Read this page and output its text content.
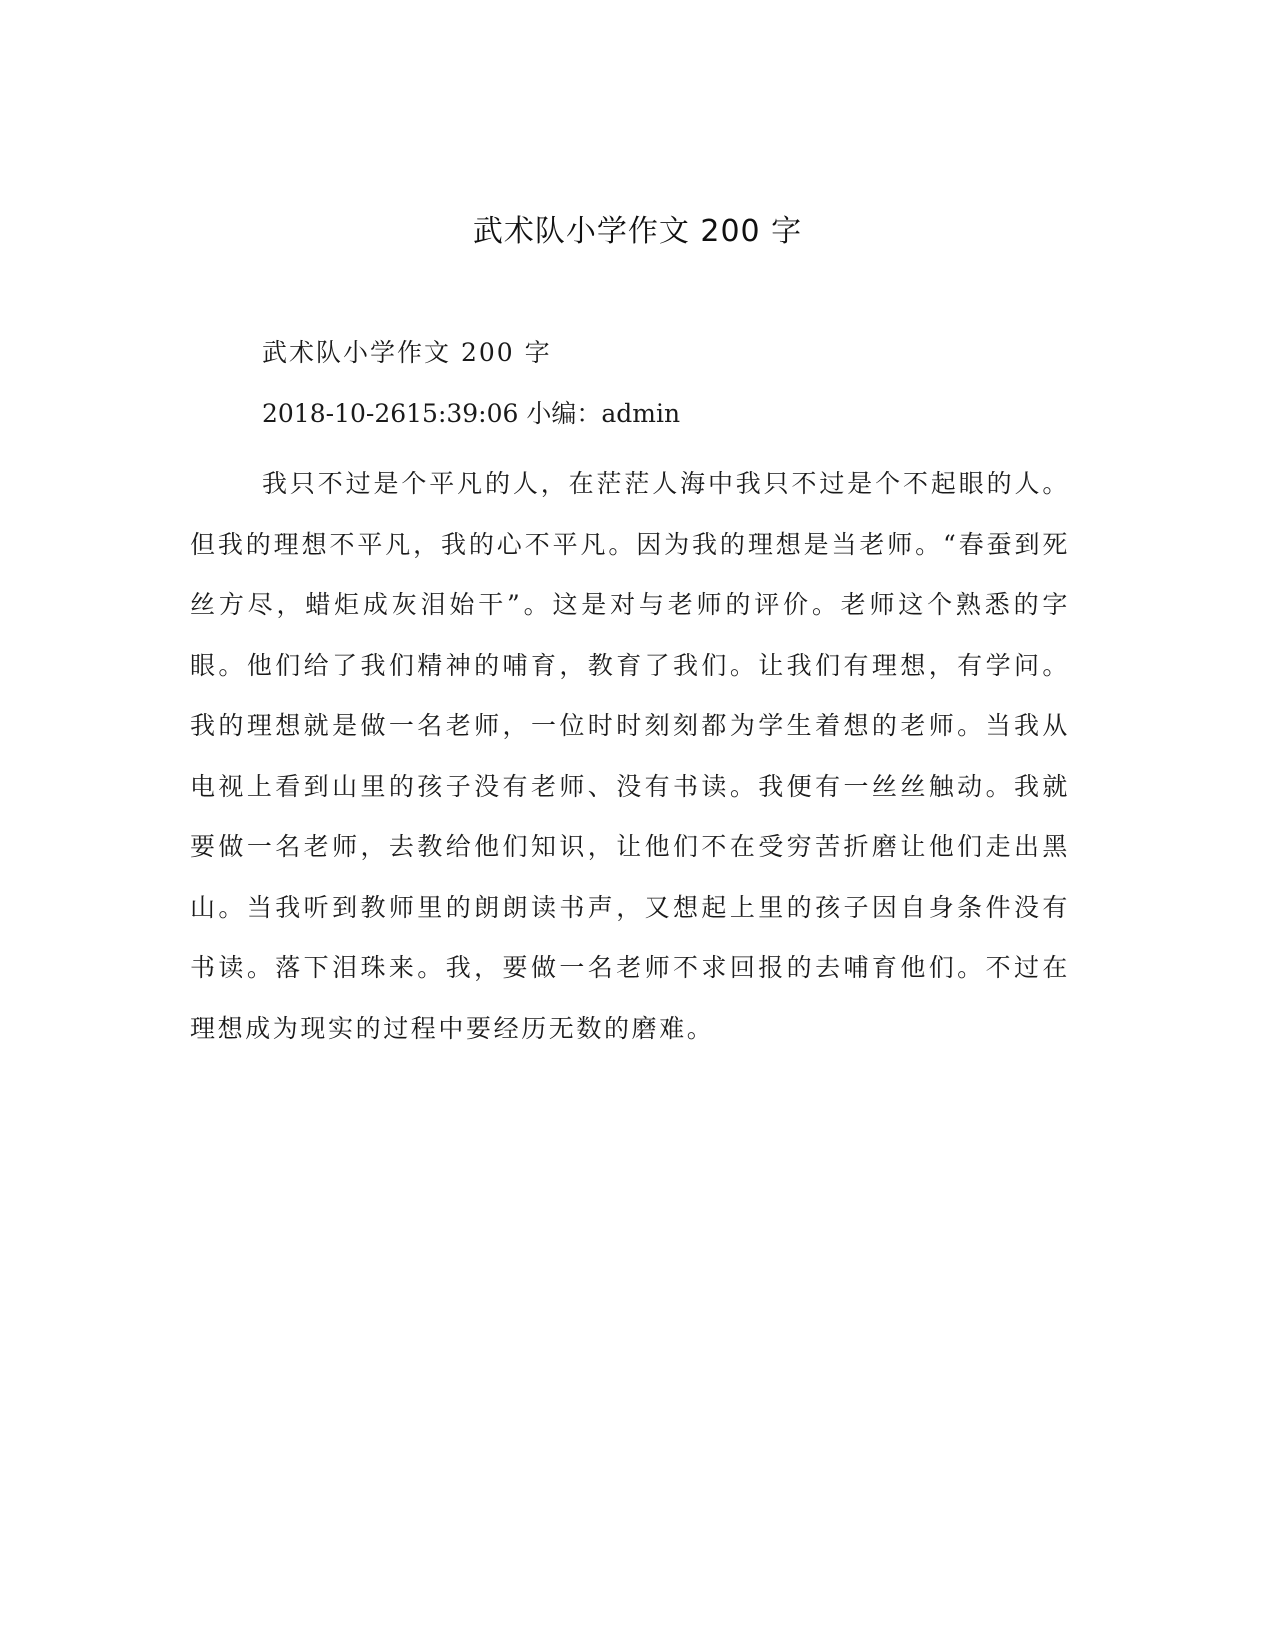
武术队小学作文 200 字
武术队小学作文 200 字
2018-10-2615:39:06 小编：admin

我只不过是个平凡的人，在茫茫人海中我只不过是个不起眼的人。但我的理想不平凡，我的心不平凡。因为我的理想是当老师。“春蚕到死丝方尽，蜡炬成灰泪始干”。这是对与老师的评价。老师这个熟悉的字眼。他们给了我们精神的哺育，教育了我们。让我们有理想，有学问。我的理想就是做一名老师，一位时时刻刻都为学生着想的老师。当我从电视上看到山里的孩子没有老师、没有书读。我便有一丝丝触动。我就要做一名老师，去教给他们知识，让他们不在受穷苦折磨让他们走出黑山。当我听到教师里的朗朗读书声，又想起上里的孩子因自身条件没有书读。落下泪珠来。我，要做一名老师不求回报的去哺育他们。不过在理想成为现实的过程中要经历无数的磨难。
